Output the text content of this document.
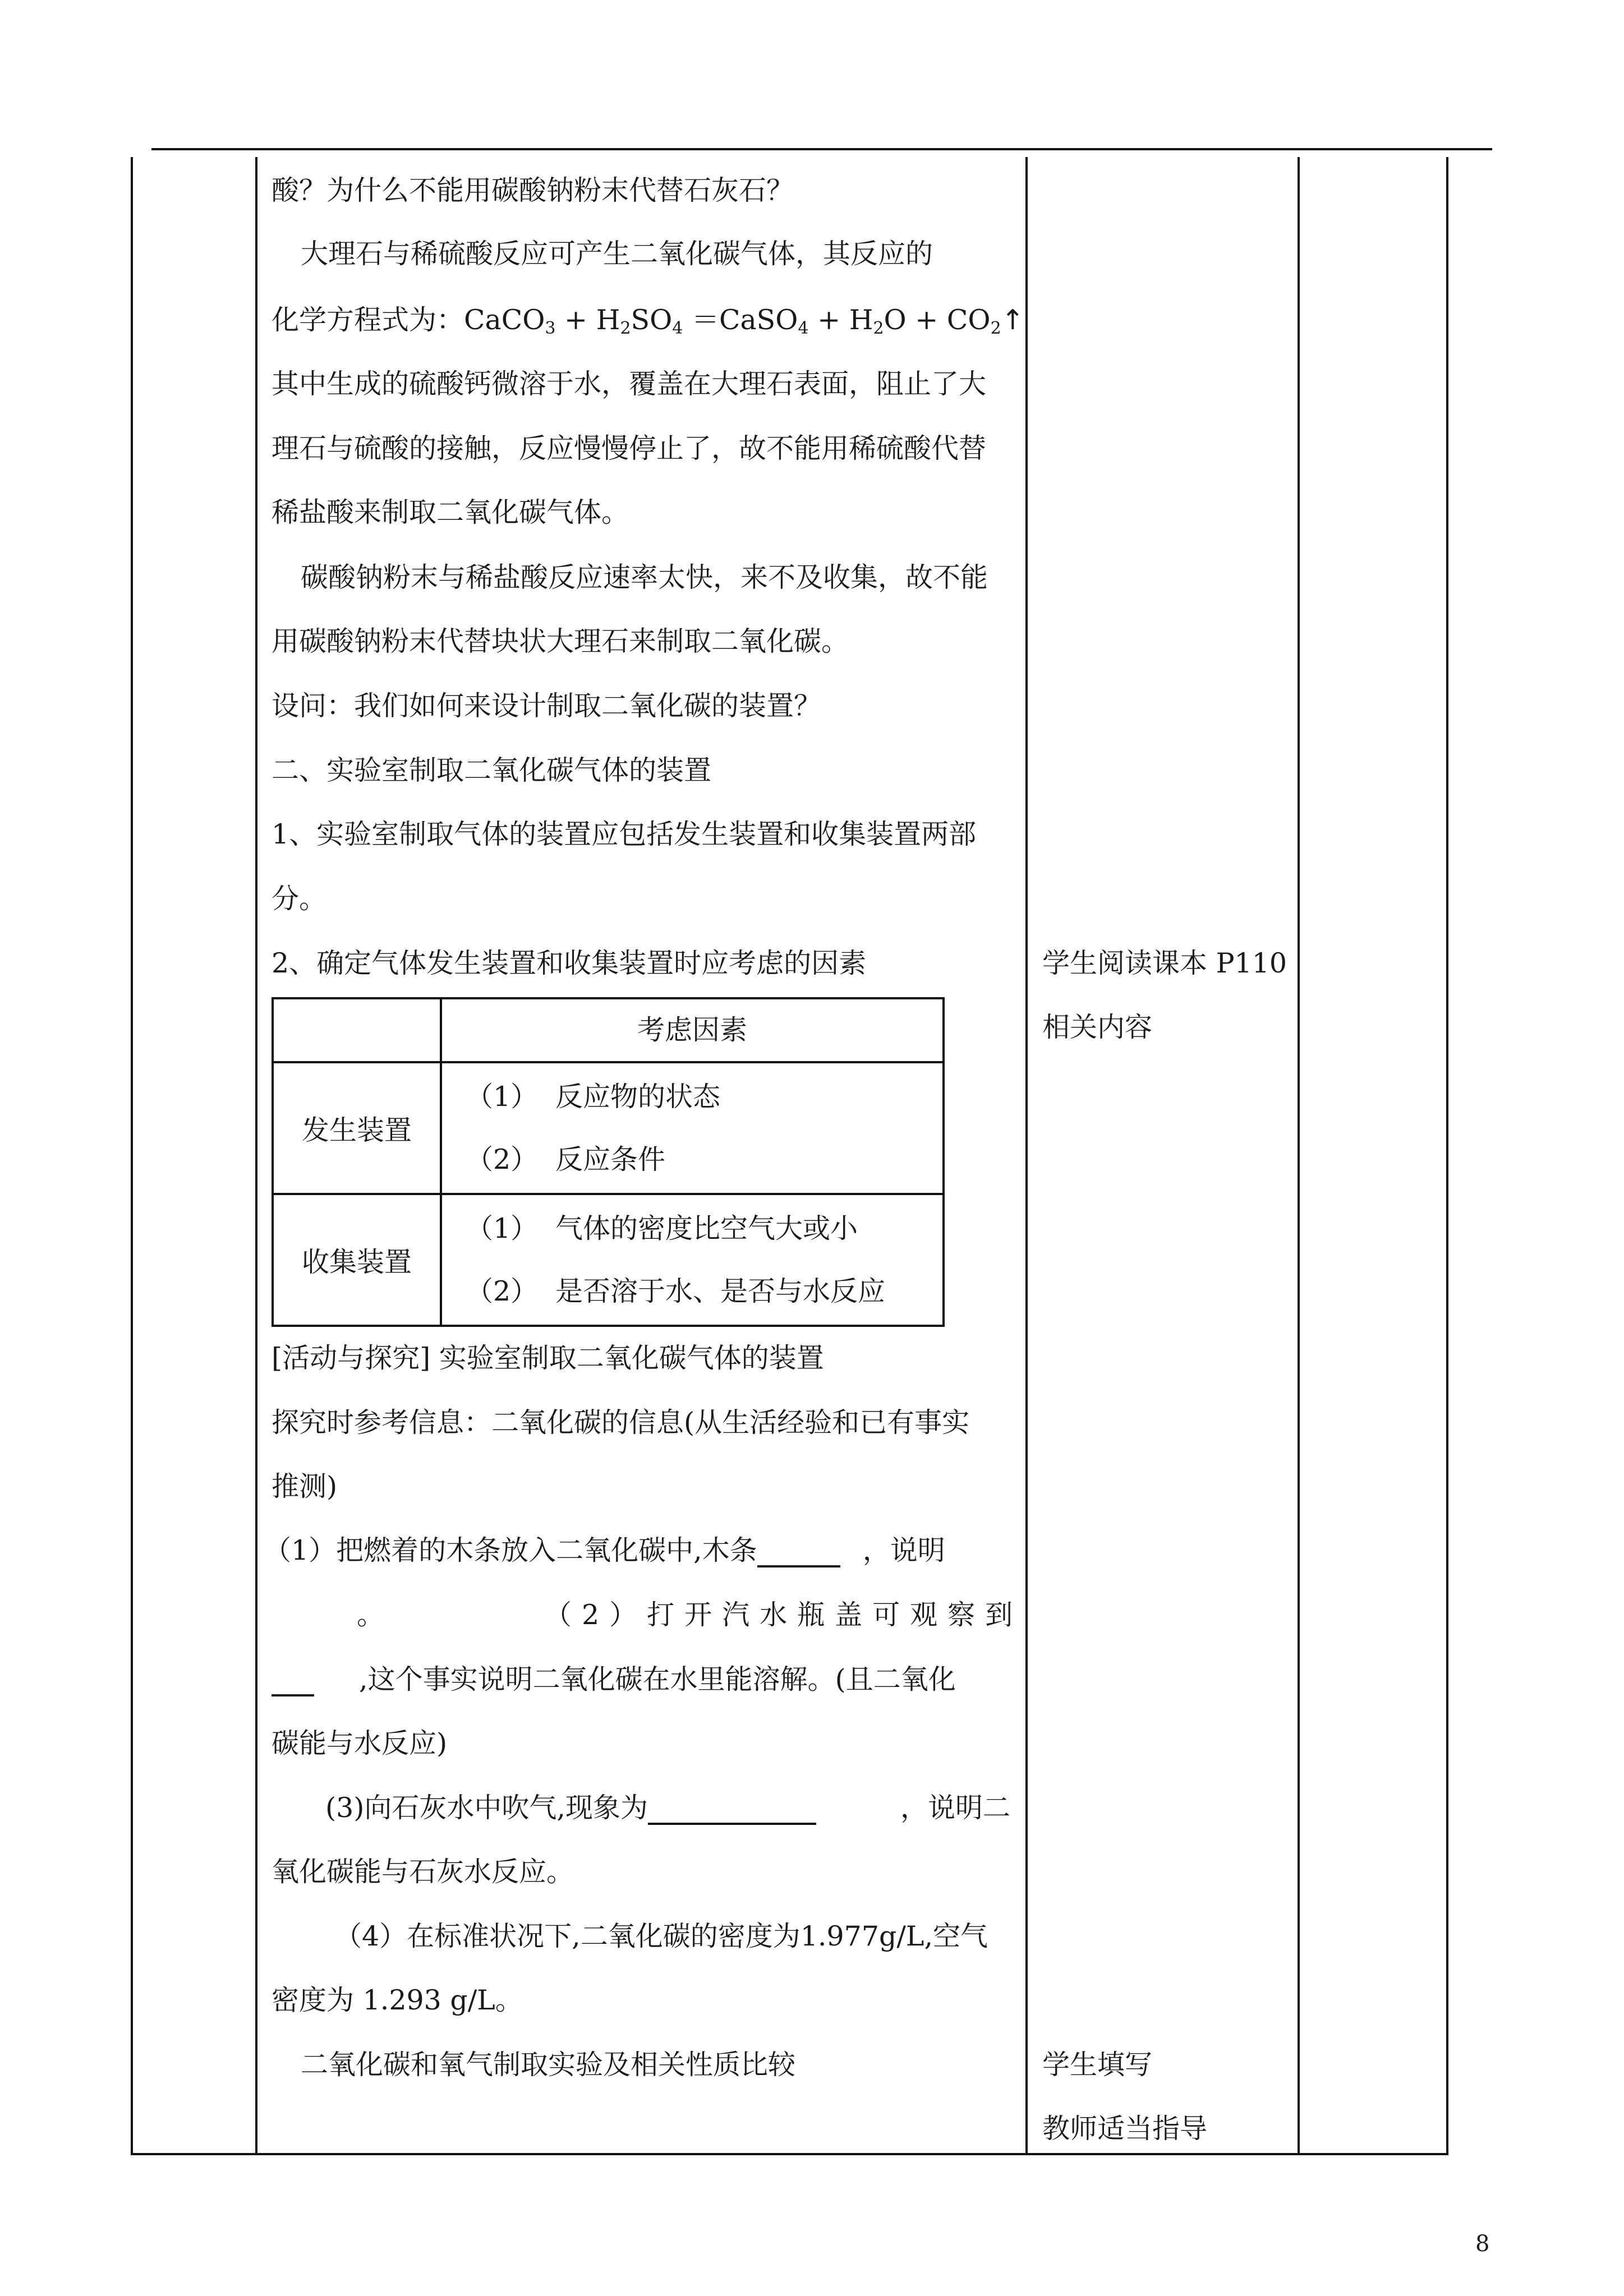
酸？为什么不能用碳酸钠粉末代替石灰石？
大理石与稀硫酸反应可产生二氧化碳气体，其反应的
化学方程式为：CaCO$_3$ + $H_2SO_4$ ＝CaSO$_4$ + $H_2O$ + $CO_2↑$
其中生成的硫酸钙微溶于水，覆盖在大理石表面，阻止了大
理石与硫酸的接触，反应慢慢停止了，故不能用稀硫酸代替
稀盐酸来制取二氧化碳气体。
碳酸钠粉末与稀盐酸反应速率太快，来不及收集，故不能
用碳酸钠粉末代替块状大理石来制取二氧化碳。
设问：我们如何来设计制取二氧化碳的装置？
二、实验室制取二氧化碳气体的装置
1、实验室制取气体的装置应包括发生装置和收集装置两部
分。
2、确定气体发生装置和收集装置时应考虑的因素
	考虑因素
发生装置	（1） 反应物的状态
（2） 反应条件

收集装置	（1） 气体的密度比空气大或小
（2） 是否溶于水、是否与水反应
[活动与探究] 实验室制取二氧化碳气体的装置
探究时参考信息：二氧化碳的信息(从生活经验和已有事实
推测)
（1）把燃着的木条放入二氧化碳中,木条	，说明
。	（2）打开汽水瓶盖可观察到
,这个事实说明二氧化碳在水里能溶解。(且二氧化
碳能与水反应)
(3)向石灰水中吹气,现象为	，说明二
氧化碳能与石灰水反应。
（4）在标准状况下,二氧化碳的密度为1.977g/L,空气
密度为 1.293 g/L。
二氧化碳和氧气制取实验及相关性质比较
学生阅读课本 P110
相关内容
学生填写
教师适当指导
8
